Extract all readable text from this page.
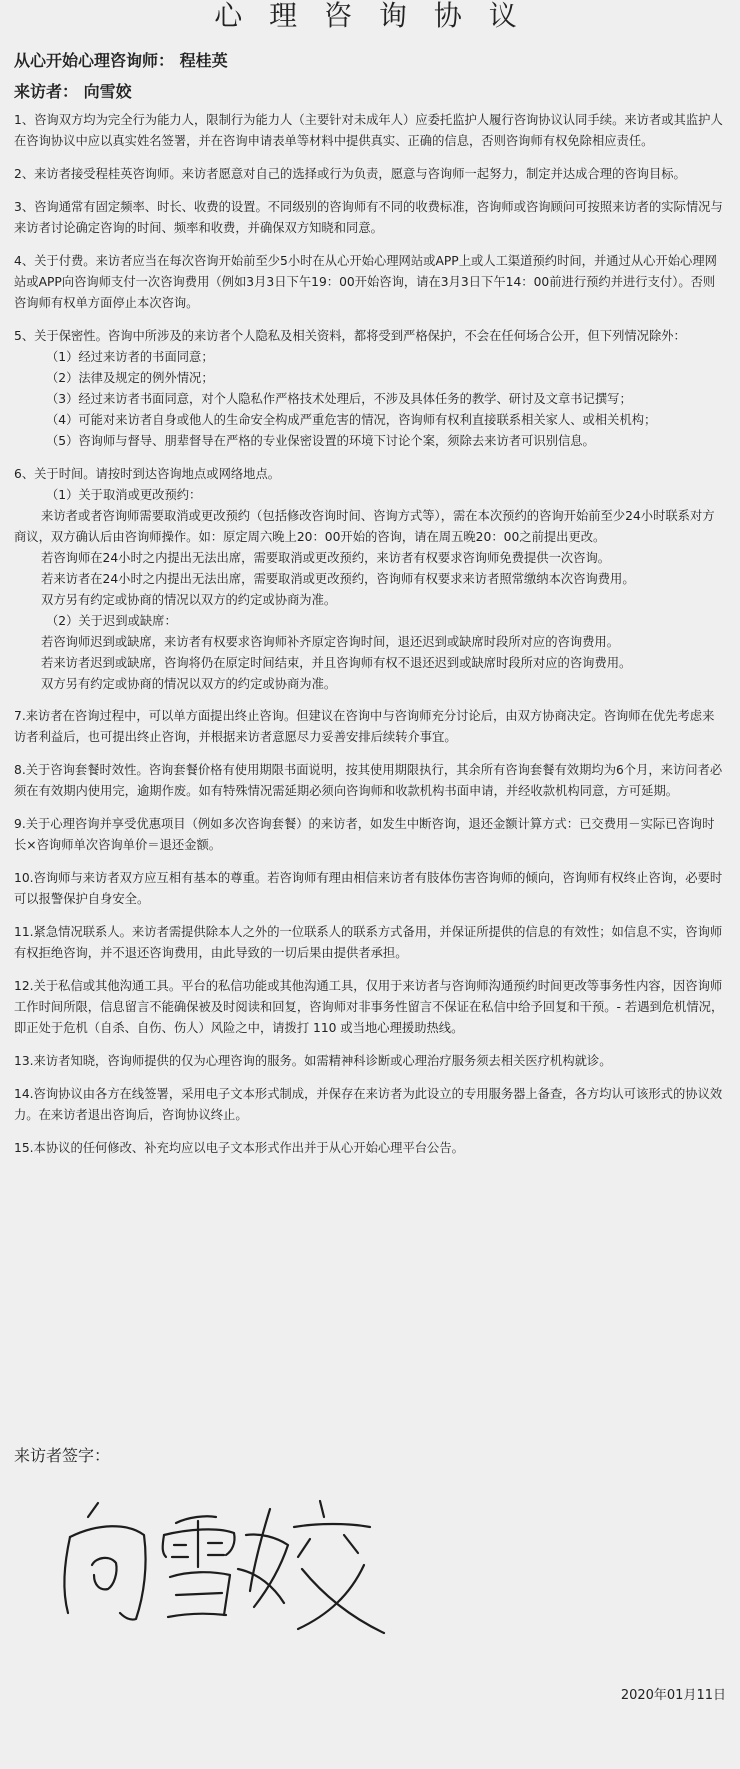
心 理 咨 询 协 议
从心开始心理咨询师： 程桂英
来访者： 向雪姣

1、咨询双方均为完全行为能力人，限制行为能力人（主要针对未成年人）应委托监护人履行咨询协议认同手续。来访者或其监护人在咨询协议中应以真实姓名签署，并在咨询申请表单等材料中提供真实、正确的信息，否则咨询师有权免除相应责任。

2、来访者接受程桂英咨询师。来访者愿意对自己的选择或行为负责，愿意与咨询师一起努力，制定并达成合理的咨询目标。

3、咨询通常有固定频率、时长、收费的设置。不同级别的咨询师有不同的收费标准，咨询师或咨询顾问可按照来访者的实际情况与来访者讨论确定咨询的时间、频率和收费，并确保双方知晓和同意。

4、关于付费。来访者应当在每次咨询开始前至少5小时在从心开始心理网站或APP上或人工渠道预约时间，并通过从心开始心理网站或APP向咨询师支付一次咨询费用（例如3月3日下午19：00开始咨询，请在3月3日下午14：00前进行预约并进行支付）。否则咨询师有权单方面停止本次咨询。

5、关于保密性。咨询中所涉及的来访者个人隐私及相关资料，都将受到严格保护，不会在任何场合公开，但下列情况除外：

（1）经过来访者的书面同意；

（2）法律及规定的例外情况；

（3）经过来访者书面同意，对个人隐私作严格技术处理后，不涉及具体任务的教学、研讨及文章书记撰写；

（4）可能对来访者自身或他人的生命安全构成严重危害的情况，咨询师有权利直接联系相关家人、或相关机构；

（5）咨询师与督导、朋辈督导在严格的专业保密设置的环境下讨论个案，须除去来访者可识别信息。

6、关于时间。请按时到达咨询地点或网络地点。

（1）关于取消或更改预约：

来访者或者咨询师需要取消或更改预约（包括修改咨询时间、咨询方式等），需在本次预约的咨询开始前至少24小时联系对方商议，双方确认后由咨询师操作。如：原定周六晚上20：00开始的咨询，请在周五晚20：00之前提出更改。

若咨询师在24小时之内提出无法出席，需要取消或更改预约，来访者有权要求咨询师免费提供一次咨询。

若来访者在24小时之内提出无法出席，需要取消或更改预约，咨询师有权要求来访者照常缴纳本次咨询费用。

双方另有约定或协商的情况以双方的约定或协商为准。

（2）关于迟到或缺席：

若咨询师迟到或缺席，来访者有权要求咨询师补齐原定咨询时间，退还迟到或缺席时段所对应的咨询费用。

若来访者迟到或缺席，咨询将仍在原定时间结束，并且咨询师有权不退还迟到或缺席时段所对应的咨询费用。

双方另有约定或协商的情况以双方的约定或协商为准。

7.来访者在咨询过程中，可以单方面提出终止咨询。但建议在咨询中与咨询师充分讨论后，由双方协商决定。咨询师在优先考虑来访者利益后，也可提出终止咨询，并根据来访者意愿尽力妥善安排后续转介事宜。

8.关于咨询套餐时效性。咨询套餐价格有使用期限书面说明，按其使用期限执行，其余所有咨询套餐有效期均为6个月，来访问者必须在有效期内使用完，逾期作废。如有特殊情况需延期必须向咨询师和收款机构书面申请，并经收款机构同意，方可延期。

9.关于心理咨询并享受优惠项目（例如多次咨询套餐）的来访者，如发生中断咨询，退还金额计算方式：已交费用－实际已咨询时长×咨询师单次咨询单价＝退还金额。

10.咨询师与来访者双方应互相有基本的尊重。若咨询师有理由相信来访者有肢体伤害咨询师的倾向，咨询师有权终止咨询，必要时可以报警保护自身安全。

11.紧急情况联系人。来访者需提供除本人之外的一位联系人的联系方式备用，并保证所提供的信息的有效性；如信息不实，咨询师有权拒绝咨询，并不退还咨询费用，由此导致的一切后果由提供者承担。

12.关于私信或其他沟通工具。平台的私信功能或其他沟通工具，仅用于来访者与咨询师沟通预约时间更改等事务性内容，因咨询师工作时间所限，信息留言不能确保被及时阅读和回复，咨询师对非事务性留言不保证在私信中给予回复和干预。- 若遇到危机情况，即正处于危机（自杀、自伤、伤人）风险之中，请拨打 110 或当地心理援助热线。

13.来访者知晓，咨询师提供的仅为心理咨询的服务。如需精神科诊断或心理治疗服务须去相关医疗机构就诊。

14.咨询协议由各方在线签署，采用电子文本形式制成，并保存在来访者为此设立的专用服务器上备查，各方均认可该形式的协议效力。在来访者退出咨询后，咨询协议终止。

15.本协议的任何修改、补充均应以电子文本形式作出并于从心开始心理平台公告。

来访者签字：
2020年01月11日
